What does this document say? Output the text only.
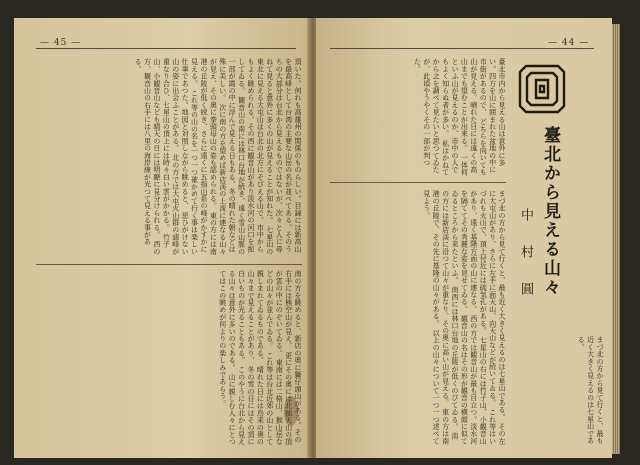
— 45 —
頂いた。何れも高雄州の関係のものらしい。目録には新高山を最高峰として台湾の主要な山岳の名が並べてある。そのうちの大部分は台北から見えるものではないが、次々と人に尋ねて見ると意外に多くの山が見えることが知れた。 七星山の東北に見える大屯山は台北の北方にそびえる山で、市中からもよく眺められる。その西に観音山があり淡水河の河口を扼してゐる。 観音山の南には林口台地が続き、遠く雪山山脈の一部が霞の中に浮んで見える日もある。冬の晴れた朝などは殊に美しい。 次に南の方を望めば新店渓の上流に連なる山々が見え、その奥に拳頭母山の姿も認められる。 東の方には南港の丘陵が低く続き、さらに遠くに五指山系の峰がかすかに見える。 これ等の山の名を一つ一つ確かめて行く事は楽しい仕事であつた。地図と対照しながら眺めると、 思ひがけない山の姿に出会ふことがある。 北の方では大屯火山群の諸峰が重なり合ひ、七星山の頂上には時々白い雲がかかる。 竹子山、小観音山なども晴天の日には明瞭に見分けられる。 西の方、観音山の右手には八里の海岸線が光つて見える事がある。
南の方を眺めると、新店の奥に獅仔頭山がある。その右手には熊空山が見え、 更にその奥には北插天山の頂が雲の中にのぞいてゐる。 東南には二格山、猴山岳などの山々が並んでゐる。 これ等は台北近郊の山として親しまれてゐるものである。 晴れた日には烏来の奥の山々まで見えることがあり、 冬の雪の日にはその頂に白いものが光ることもある。 このやうに台北から見える山々は意外に多いのである。 山に親しむ人々にとつてはこの眺めが何よりの楽しみであらう。
— 44 —
臺北市内から見える山は意外に多い。四方を山に囲まれた盆地の中に市街があるので、 どちらを向いても山が見える。晴れた日には遠くの高山までも望むことが出来る。 一体何といふ山が見えるのか、市中の人でもよく知らぬ者が多い。 私はかねてから之を調べて見たいと思つてゐたが、此頃やうやくその一部が判つた。
臺北から見える山々
中 村 圓
まづ北の方から見て行くと、最も近く大きく見えるのは七星山である。 その左に大屯山があり、さらに左手に面天山、向天山などが続いてゐる。 これ等はいづれも火山で、頂上付近には硫気孔がある。 七星山の右には竹子山、小観音山があり、遠く基隆方面の山に連なる。 西の方では観音山が最も目立つ。淡水河を隔ててその秀麗な姿を見せてゐる。 観音山の名はその形が観音の横顔に似てゐるところから来たといふ。 南西には林口台地の丘陵が低くのびてゐる。 南の方には新店渓に沿つて山々が重なり、その奥に高い山が見える。 東の方は南港の丘陵で、その先に基隆の山々がある。 以上の山々について一つ一つ述べて見よう。
まづ北の方から見て行くと、最も近く大きく見えるのは七星山である。
